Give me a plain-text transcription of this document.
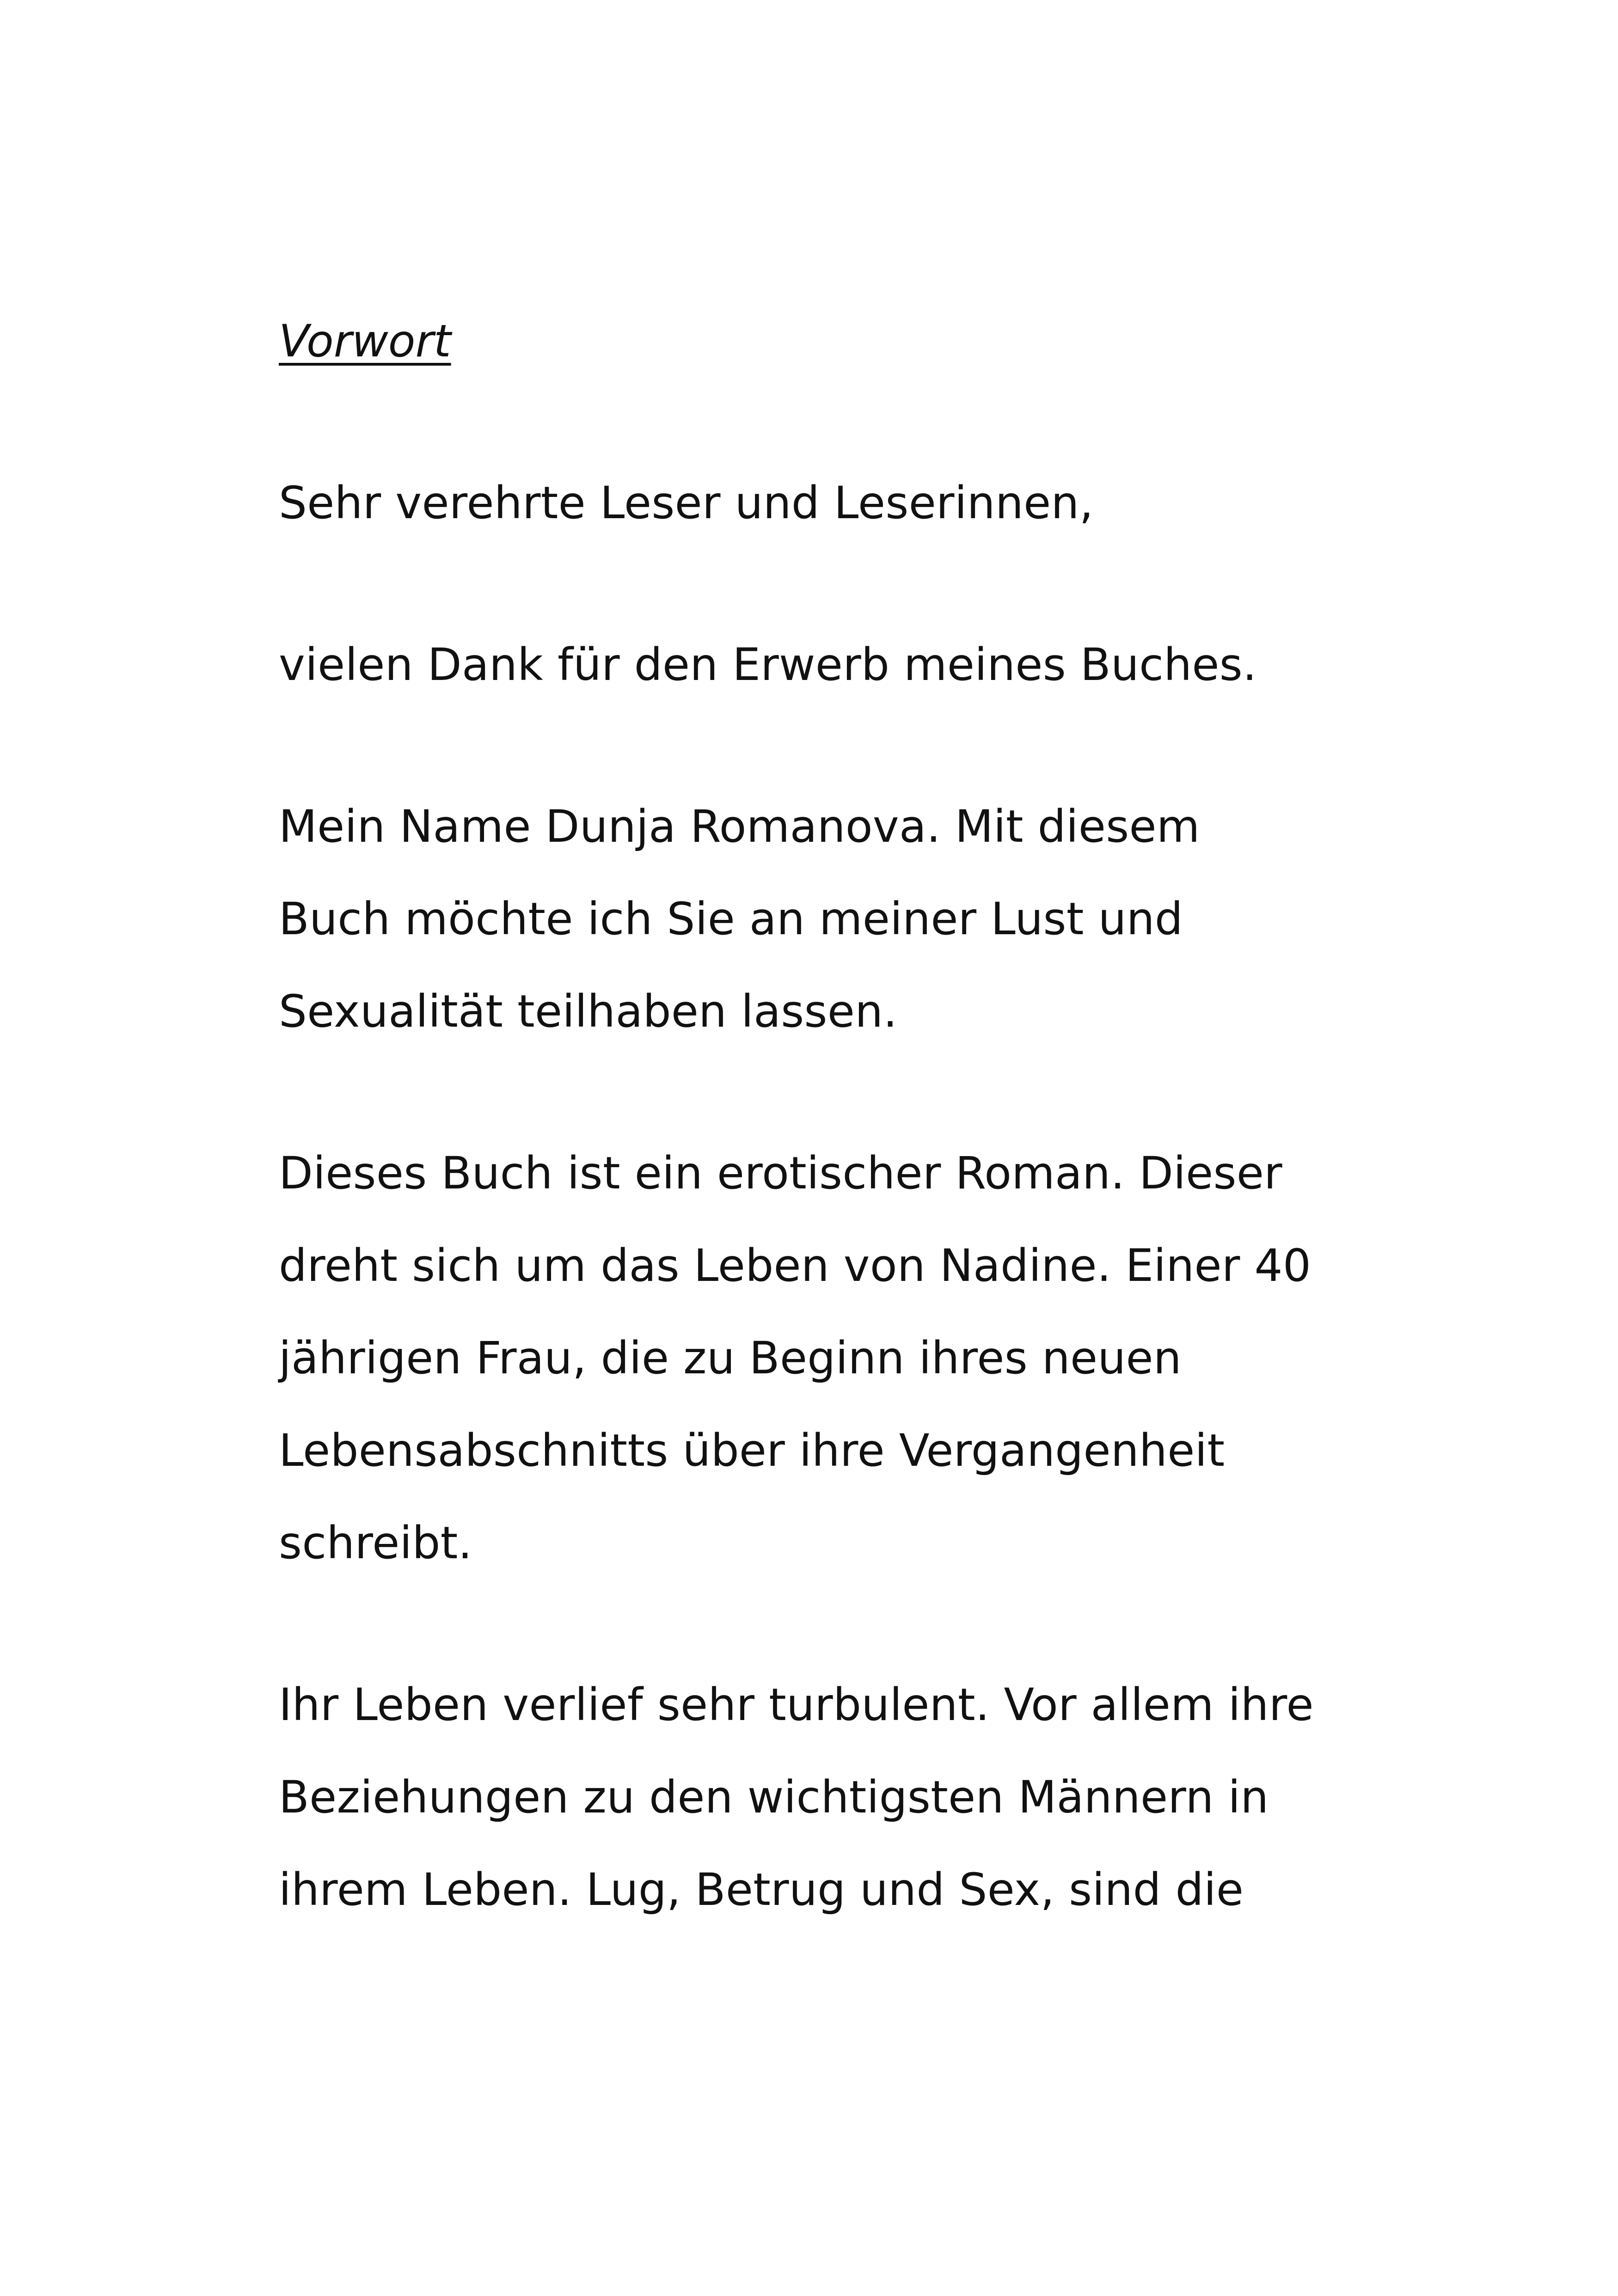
Vorwort
Sehr verehrte Leser und Leserinnen,
vielen Dank für den Erwerb meines Buches.
Mein Name Dunja Romanova. Mit diesem
Buch möchte ich Sie an meiner Lust und
Sexualität teilhaben lassen.
Dieses Buch ist ein erotischer Roman. Dieser
dreht sich um das Leben von Nadine. Einer 40
jährigen Frau, die zu Beginn ihres neuen
Lebensabschnitts über ihre Vergangenheit
schreibt.
Ihr Leben verlief sehr turbulent. Vor allem ihre
Beziehungen zu den wichtigsten Männern in
ihrem Leben. Lug, Betrug und Sex, sind die
